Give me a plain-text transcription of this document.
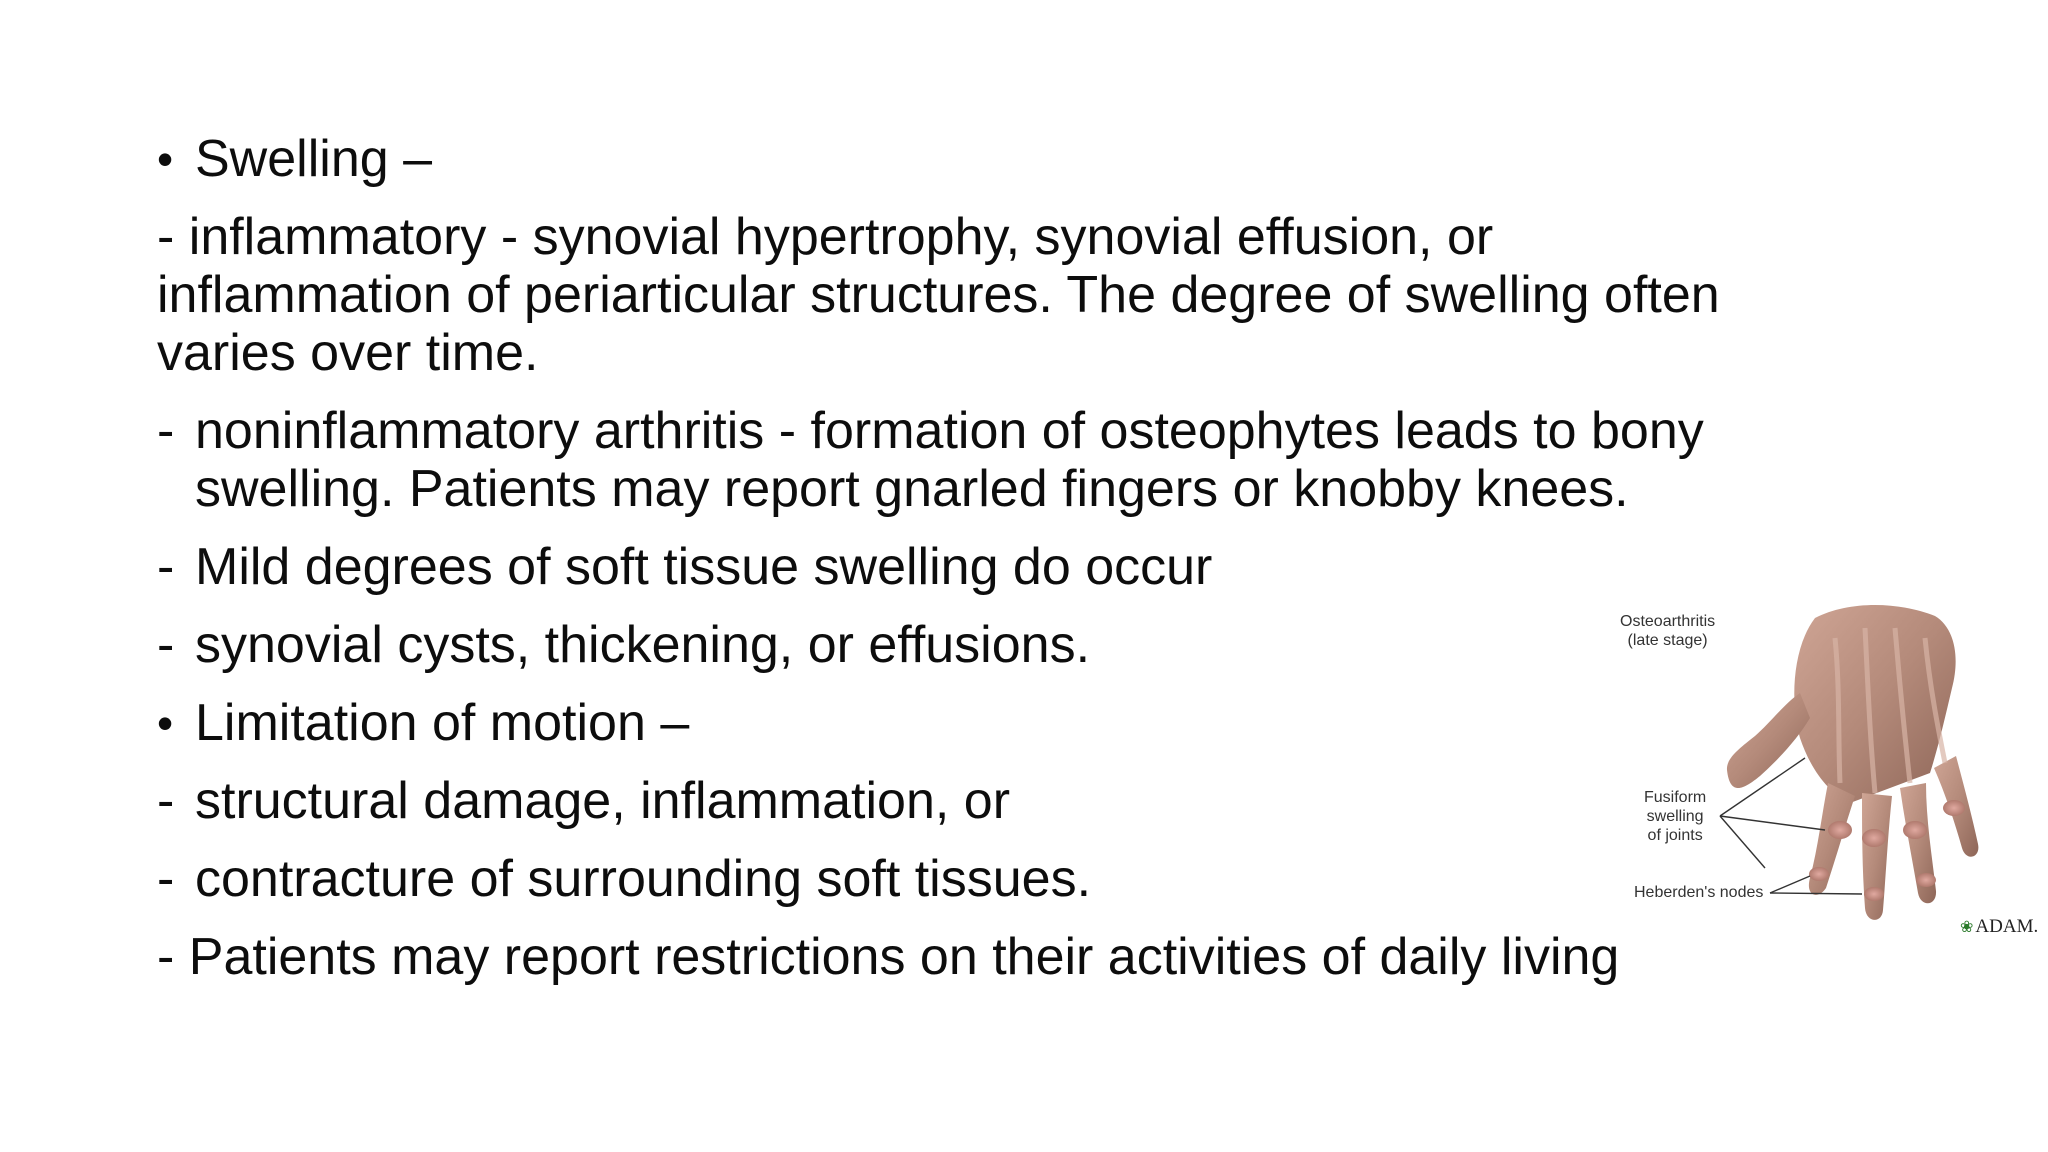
• Swelling –

- inflammatory - synovial hypertrophy, synovial effusion, or

inflammation of periarticular structures. The degree of swelling often

varies over time.

- noninflammatory arthritis - formation of osteophytes leads to bony

swelling. Patients may report gnarled fingers or knobby knees.

- Mild degrees of soft tissue swelling do occur

- synovial cysts, thickening, or effusions.

• Limitation of motion –

- structural damage, inflammation, or

- contracture of surrounding soft tissues.

- Patients may report restrictions on their activities of daily living

Osteoarthritis
(late stage)
Fusiform
swelling
of joints
Heberden's nodes
❀ ADAM.
